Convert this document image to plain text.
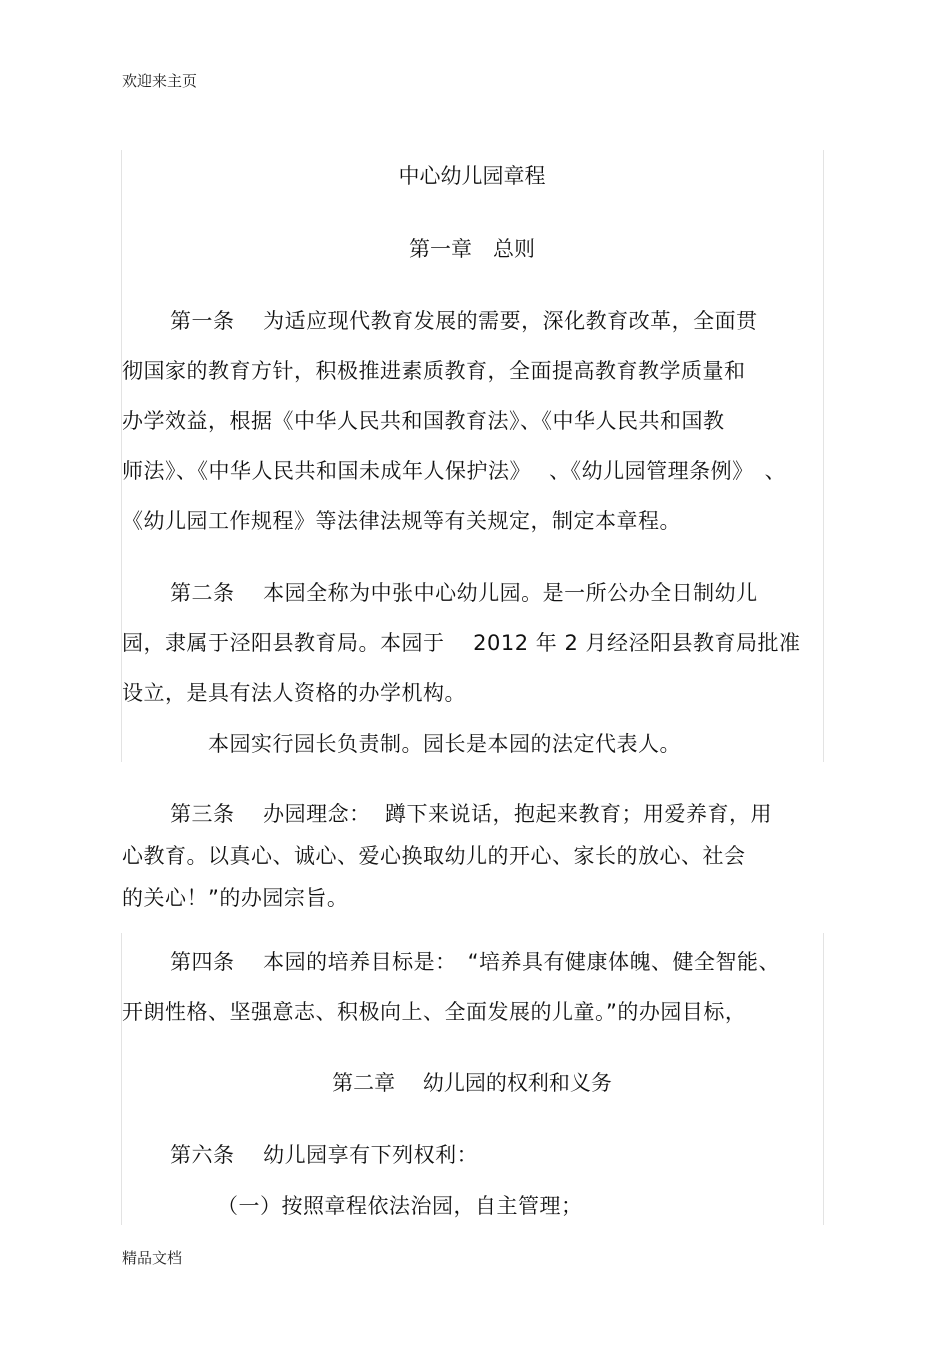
欢迎来主页
中心幼儿园章程
第一章　总则
第一条　 为适应现代教育发展的需要，深化教育改革，全面贯
彻国家的教育方针，积极推进素质教育，全面提高教育教学质量和
办学效益，根据《中华人民共和国教育法》、《中华人民共和国教
师法》、《中华人民共和国未成年人保护法》　 、《幼儿园管理条例》　、
《幼儿园工作规程》等法律法规等有关规定，制定本章程。
第二条　 本园全称为中张中心幼儿园。是一所公办全日制幼儿
园，隶属于泾阳县教育局。本园于　 2012 年 2 月经泾阳县教育局批准
设立，是具有法人资格的办学机构。
本园实行园长负责制。园长是本园的法定代表人。
第三条　 办园理念：  蹲下来说话，抱起来教育；用爱养育，用
心教育。以真心、诚心、爱心换取幼儿的开心、家长的放心、社会
的关心！”的办园宗旨。
第四条　 本园的培养目标是：　“培养具有健康体魄、健全智能、
开朗性格、坚强意志、积极向上、全面发展的儿童。”的办园目标，
第二章　 幼儿园的权利和义务
第六条　 幼儿园享有下列权利：
（一）按照章程依法治园，自主管理；
精品文档
